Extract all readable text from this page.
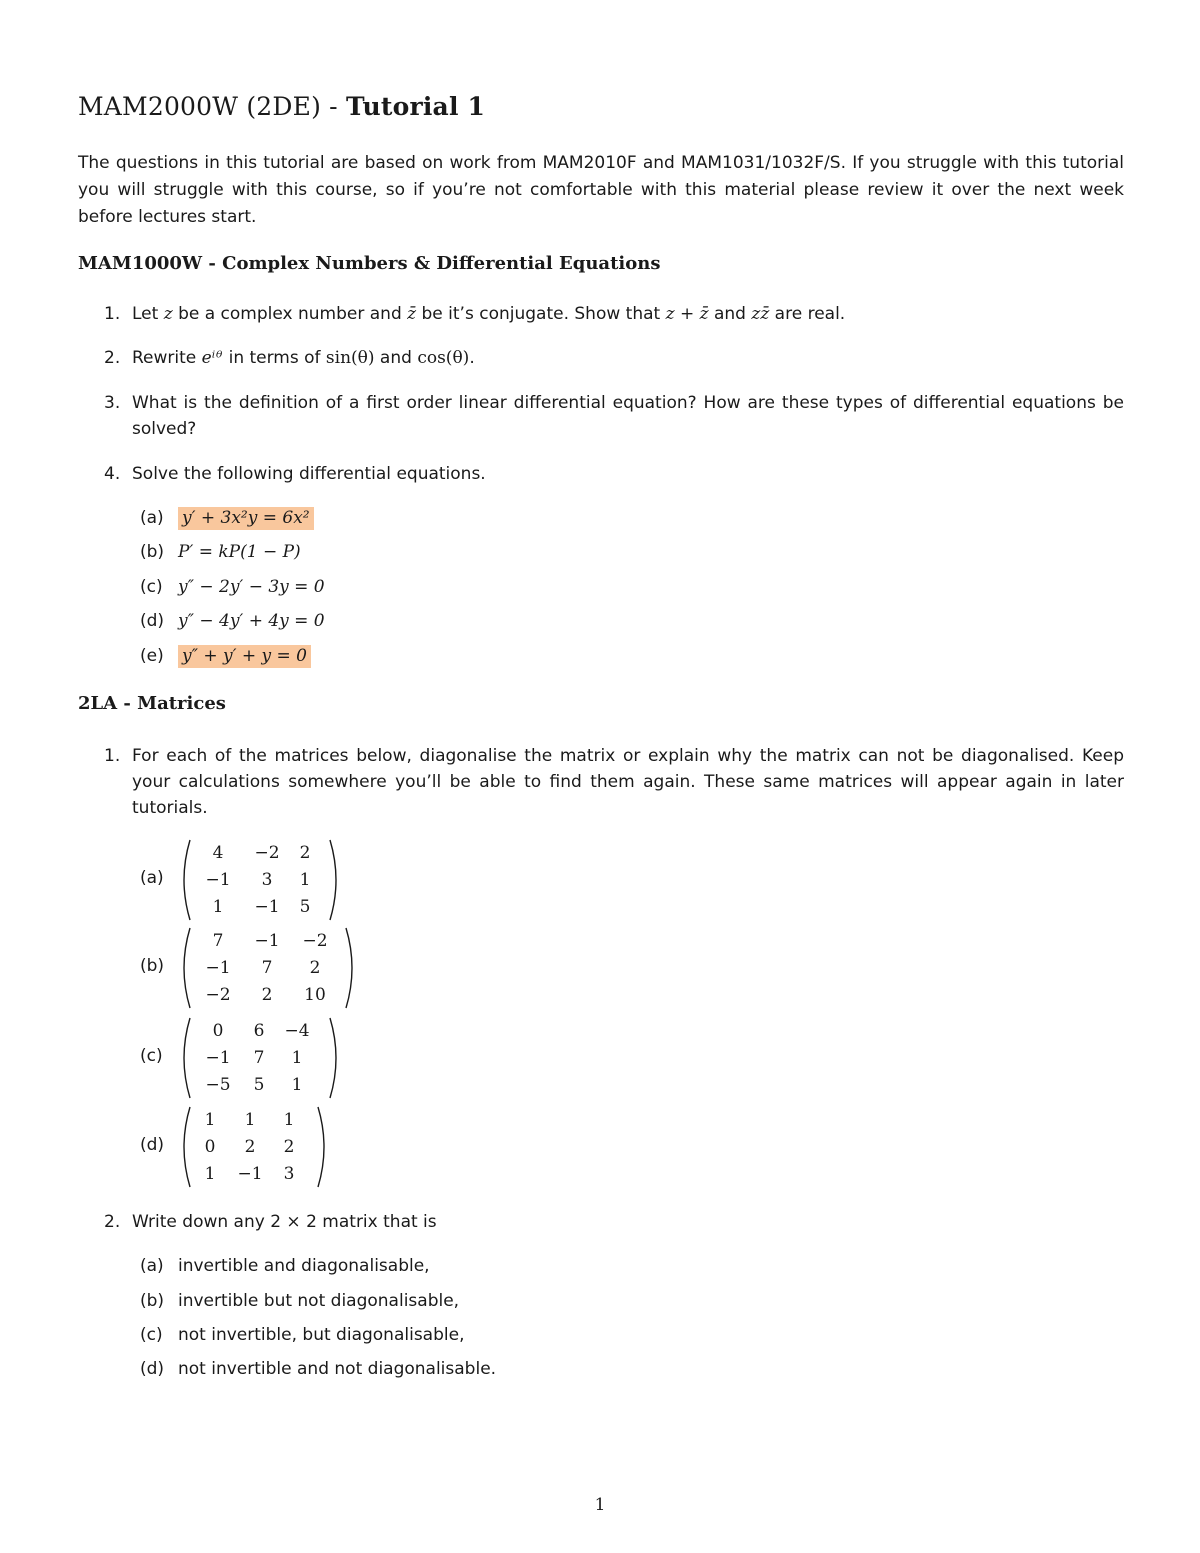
MAM2000W (2DE) - Tutorial 1

The questions in this tutorial are based on work from MAM2010F and MAM1031/1032F/S. If you struggle with this tutorial you will struggle with this course, so if you’re not comfortable with this material please review it over the next week before lectures start.

MAM1000W - Complex Numbers & Differential Equations
1. Let z be a complex number and z̄ be it’s conjugate. Show that z + z̄ and zz̄ are real.
2. Rewrite eⁱᶿ in terms of sin(θ) and cos(θ).
3. What is the definition of a first order linear differential equation? How are these types of differential equations be solved?
4. Solve the following differential equations.
(a) y′ + 3x²y = 6x²
(b) P′ = kP(1 − P)
(c) y″ − 2y′ − 3y = 0
(d) y″ − 4y′ + 4y = 0
(e) y″ + y′ + y = 0
2LA - Matrices
1. For each of the matrices below, diagonalise the matrix or explain why the matrix can not be diagonalised. Keep your calculations somewhere you’ll be able to find them again. These same matrices will appear again in later tutorials.
(a)
4 −2 2
−1 3 1
1 −1 5
(b)
7 −1 −2
−1 7 2
−2 2 10
(c)
0 6 −4
−1 7 1
−5 5 1
(d)
1 1 1
0 2 2
1 −1 3
2. Write down any 2 × 2 matrix that is
(a) invertible and diagonalisable,
(b) invertible but not diagonalisable,
(c) not invertible, but diagonalisable,
(d) not invertible and not diagonalisable.
1
